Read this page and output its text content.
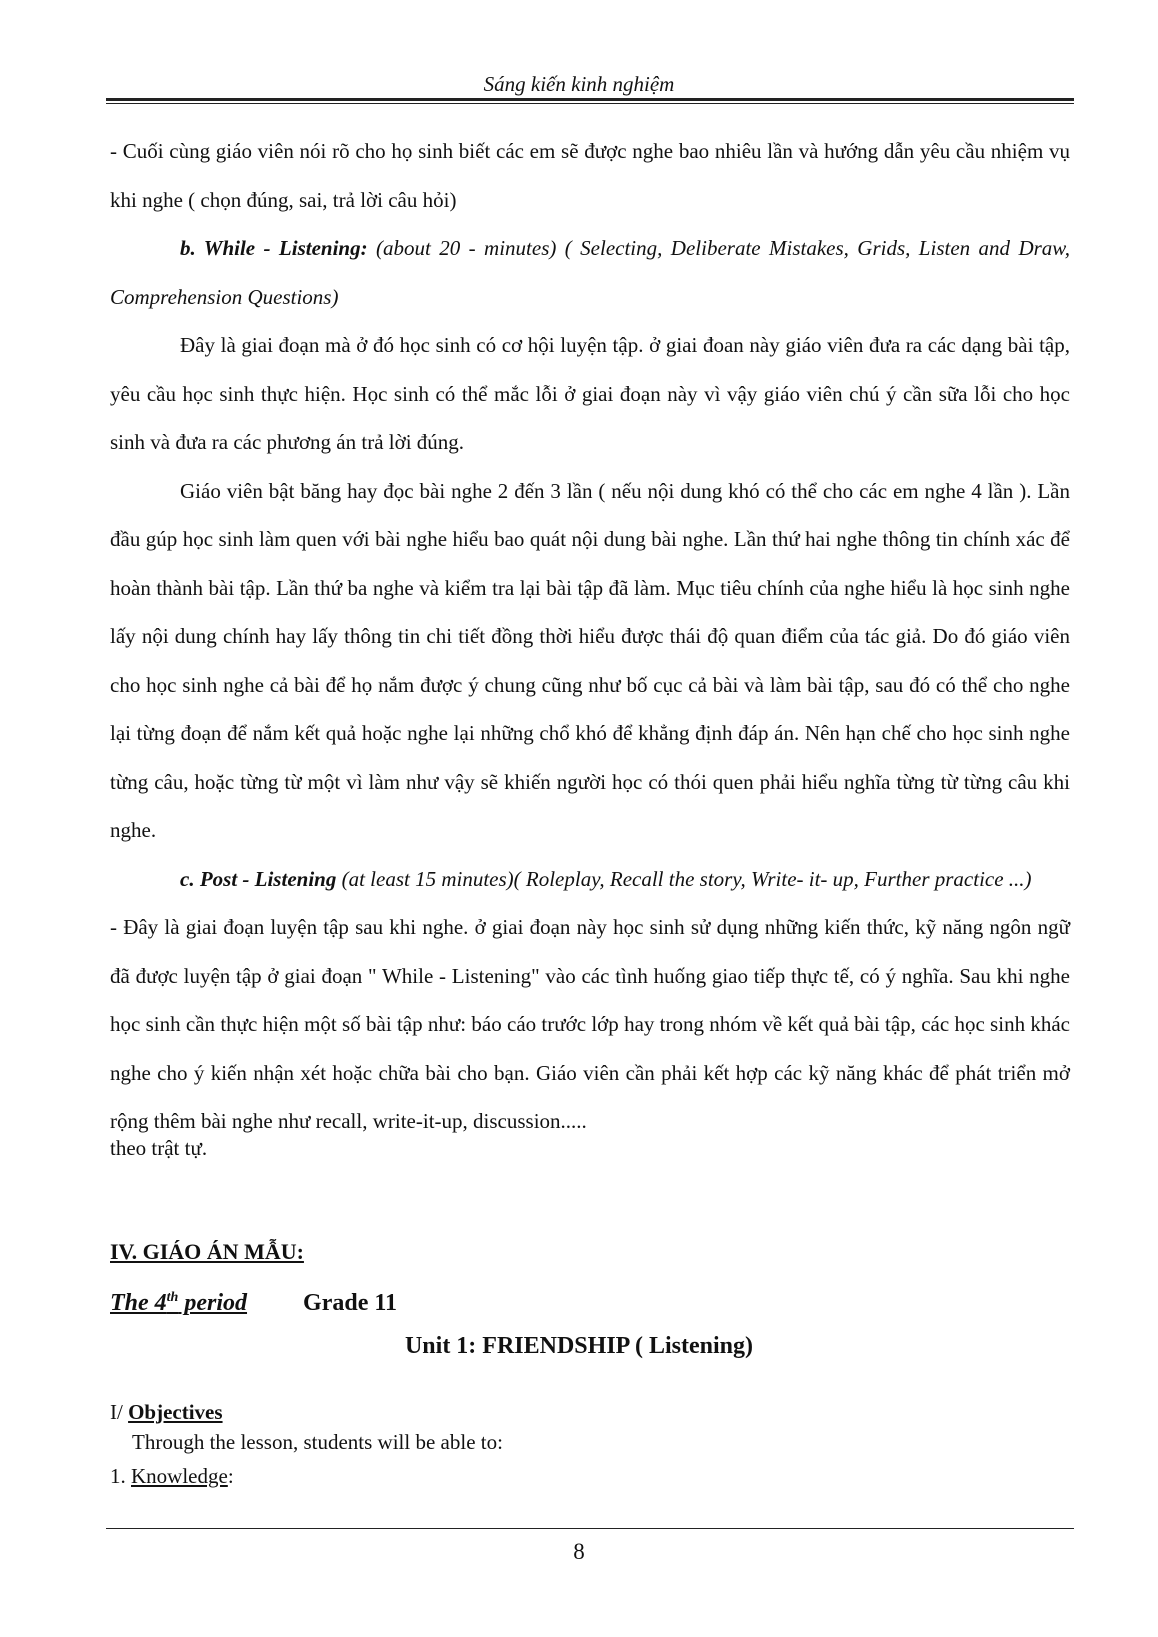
Sáng kiến kinh nghiệm

- Cuối cùng giáo viên nói rõ cho họ sinh biết các em sẽ được nghe bao nhiêu lần và hướng dẫn yêu cầu nhiệm vụ khi nghe ( chọn đúng, sai, trả lời câu hỏi)

b. While - Listening: (about 20 - minutes) ( Selecting, Deliberate Mistakes, Grids, Listen and Draw, Comprehension Questions)

Đây là giai đoạn mà ở đó học sinh có cơ hội luyện tập. ở giai đoan này giáo viên đưa ra các dạng bài tập, yêu cầu học sinh thực hiện. Học sinh có thể mắc lỗi ở giai đoạn này vì vậy giáo viên chú ý cần sữa lỗi cho học sinh và đưa ra các phương án trả lời đúng.

Giáo viên bật băng hay đọc bài nghe 2 đến 3 lần ( nếu nội dung khó có thể cho các em nghe 4 lần ). Lần đầu gúp học sinh làm quen với bài nghe hiểu bao quát nội dung bài nghe. Lần thứ hai nghe thông tin chính xác để hoàn thành bài tập. Lần thứ ba nghe và kiểm tra lại bài tập đã làm. Mục tiêu chính của nghe hiểu là học sinh nghe lấy nội dung chính hay lấy thông tin chi tiết đồng thời hiểu được thái độ quan điểm của tác giả. Do đó giáo viên cho học sinh nghe cả bài để họ nắm được ý chung cũng như bố cục cả bài và làm bài tập, sau đó có thể cho nghe lại từng đoạn để nắm kết quả hoặc nghe lại những chổ khó để khẳng định đáp án. Nên hạn chế cho học sinh nghe từng câu, hoặc từng từ một vì làm như vậy sẽ khiến người học có thói quen phải hiểu nghĩa từng từ từng câu khi nghe.

c. Post - Listening (at least 15 minutes)( Roleplay, Recall the story, Write- it- up, Further practice ...)

- Đây là giai đoạn luyện tập sau khi nghe. ở giai đoạn này học sinh sử dụng những kiến thức, kỹ năng ngôn ngữ đã được luyện tập ở giai đoạn " While - Listening" vào các tình huống giao tiếp thực tế, có ý nghĩa. Sau khi nghe học sinh cần thực hiện một số bài tập như: báo cáo trước lớp hay trong nhóm về kết quả bài tập, các học sinh khác nghe cho ý kiến nhận xét hoặc chữa bài cho bạn. Giáo viên cần phải kết hợp các kỹ năng khác để phát triển mở rộng thêm bài nghe như recall, write-it-up, discussion.....

theo trật tự.

IV. GIÁO ÁN MẪU:
The 4th period Grade 11
Unit 1: FRIENDSHIP ( Listening)
I/ Objectives
Through the lesson, students will be able to:
1. Knowledge:
8
